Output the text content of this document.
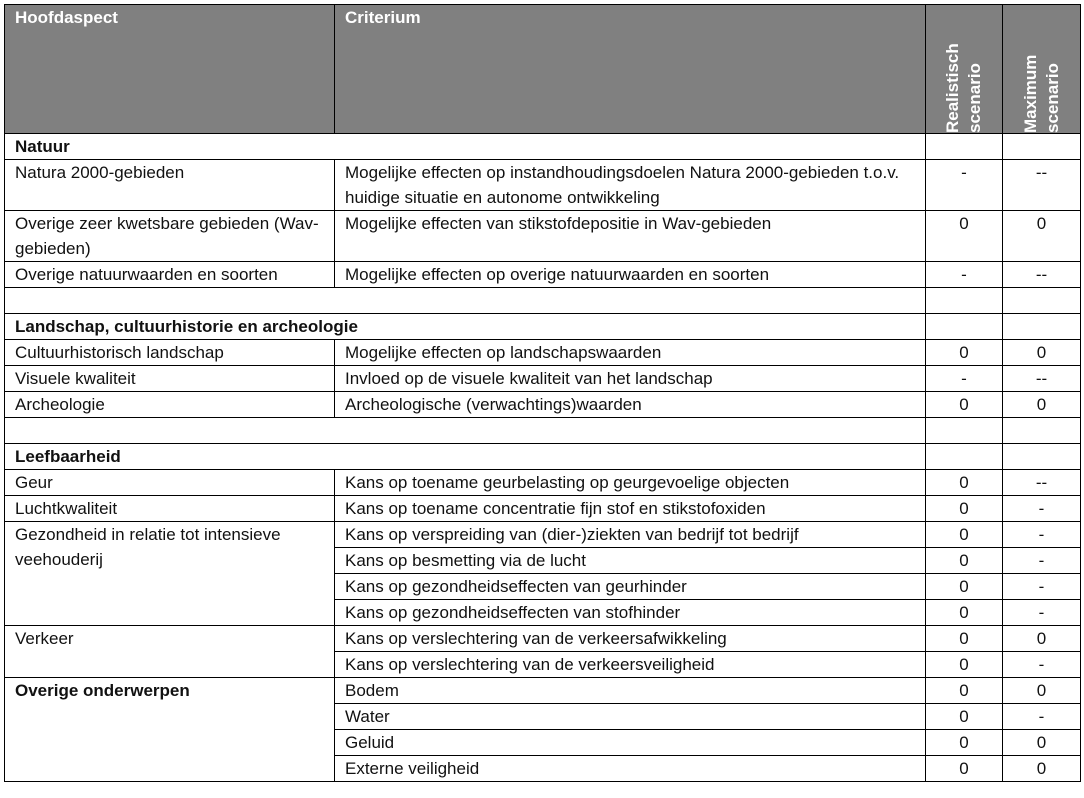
Hoofdaspect	Criterium	Realistisch scenario	Maximum scenario

Natuur			
Natura 2000-gebieden	Mogelijke effecten op instandhoudingsdoelen Natura 2000-gebieden t.o.v. huidige situatie en autonome ontwikkeling	-	--
Overige zeer kwetsbare gebieden (Wav-gebieden)	Mogelijke effecten van stikstofdepositie in Wav-gebieden	0	0
Overige natuurwaarden en soorten	Mogelijke effecten op overige natuurwaarden en soorten	-	--

Landschap, cultuurhistorie en archeologie			
Cultuurhistorisch landschap	Mogelijke effecten op landschapswaarden	0	0
Visuele kwaliteit	Invloed op de visuele kwaliteit van het landschap	-	--
Archeologie	Archeologische (verwachtings)waarden	0	0

Leefbaarheid			
Geur	Kans op toename geurbelasting op geurgevoelige objecten	0	--
Luchtkwaliteit	Kans op toename concentratie fijn stof en stikstofoxiden	0	-
Gezondheid in relatie tot intensieve veehouderij	Kans op verspreiding van (dier-)ziekten van bedrijf tot bedrijf	0	-
	Kans op besmetting via de lucht	0	-
	Kans op gezondheidseffecten van geurhinder	0	-
	Kans op gezondheidseffecten van stofhinder	0	-
Verkeer	Kans op verslechtering van de verkeersafwikkeling	0	0
	Kans op verslechtering van de verkeersveiligheid	0	-
Overige onderwerpen	Bodem	0	0
	Water	0	-
	Geluid	0	0
	Externe veiligheid	0	0
